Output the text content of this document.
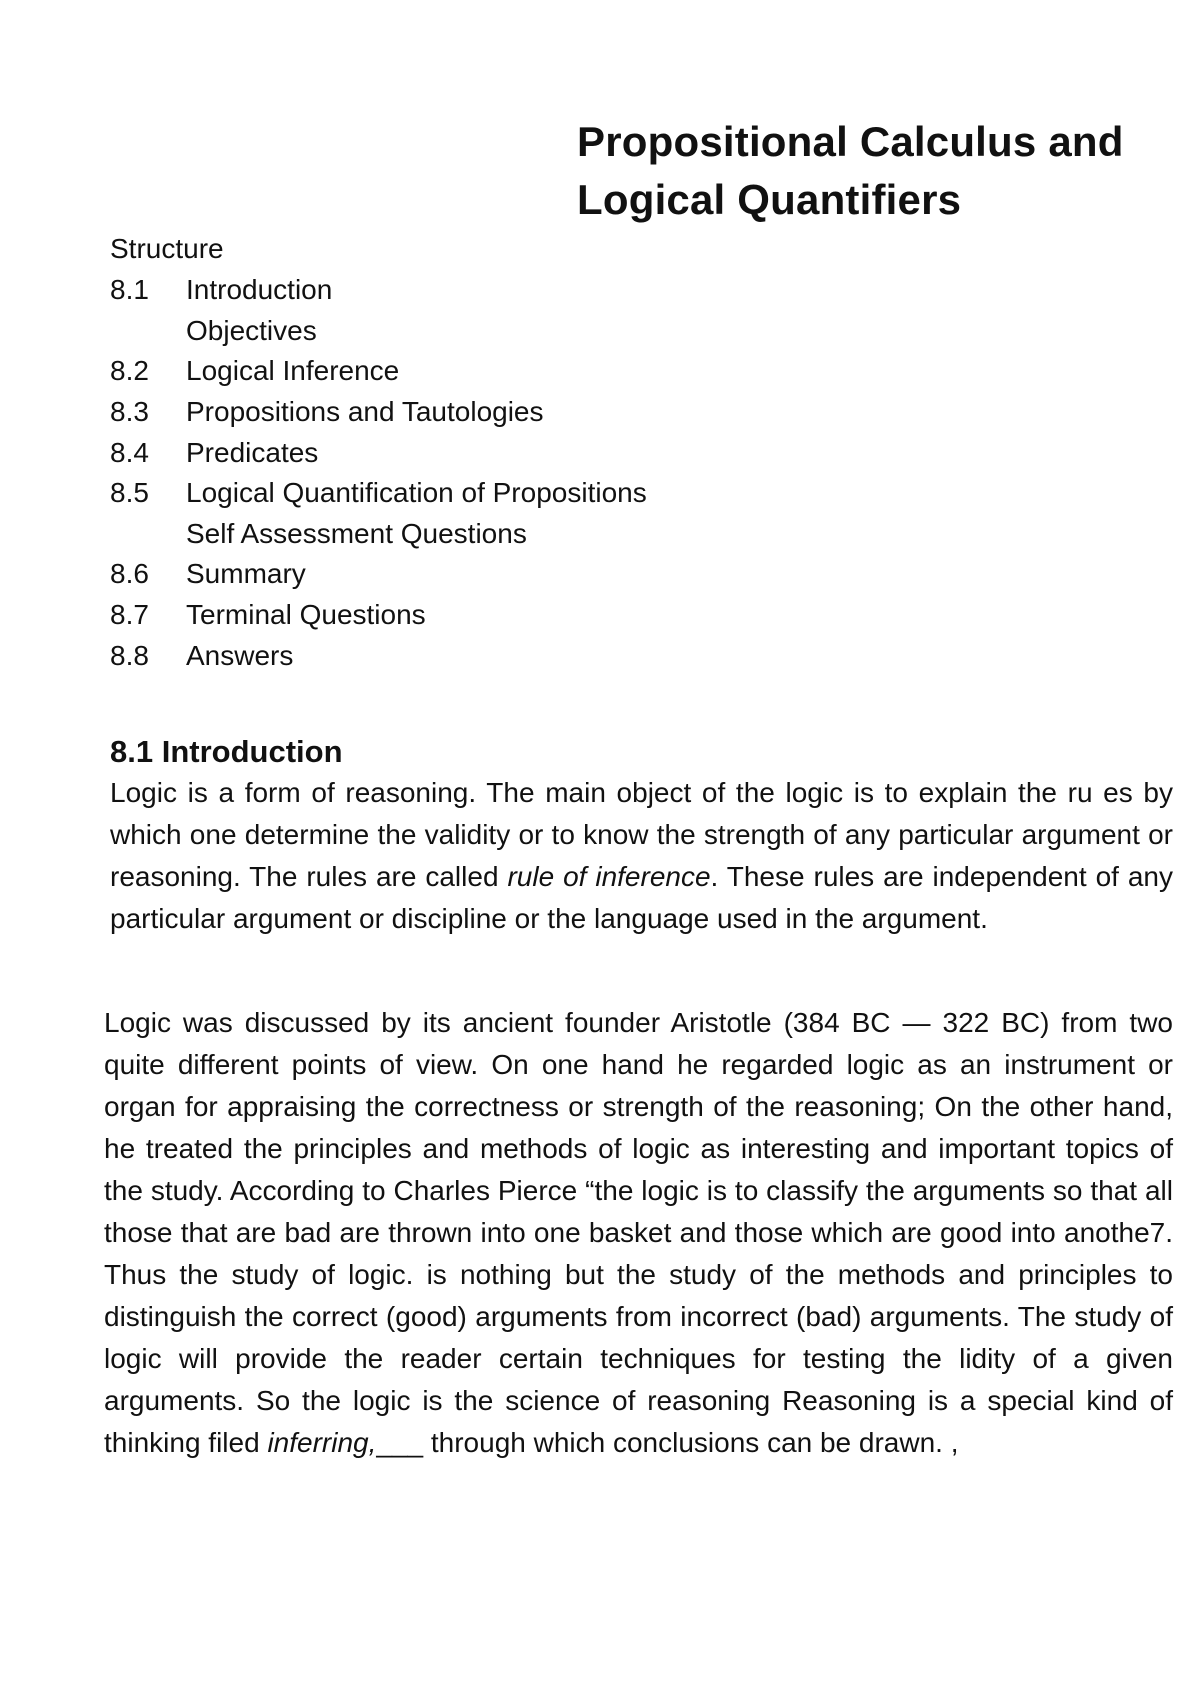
Propositional Calculus and

Logical Quantifiers

Structure

8.1	Introduction
Objectives
8.2	Logical Inference
8.3	Propositions and Tautologies
8.4	Predicates
8.5	Logical Quantification of Propositions
Self Assessment Questions
8.6	Summary
8.7	Terminal Questions
8.8	Answers

8.1 Introduction

Logic is a form of reasoning. The main object of the logic is to explain the ru es by which one determine the validity or to know the strength of any particular argument or reasoning. The rules are called rule of inference. These rules are independent of any particular argument or discipline or the language used in the argument.

Logic was discussed by its ancient founder Aristotle (384 BC — 322 BC) from two quite different points of view. On one hand he regarded logic as an instrument or organ for appraising the correctness or strength of the reasoning; On the other hand, he treated the principles and methods of logic as interesting and important topics of the study. According to Charles Pierce “the logic is to classify the arguments so that all those that are bad are thrown into one basket and those which are good into anothe7. Thus the study of logic. is nothing but the study of the methods and principles to distinguish the correct (good) arguments from incorrect (bad) arguments. The study of logic will provide the reader certain techniques for testing the lidity of a given arguments. So the logic is the science of reasoning Reasoning is a special kind of thinking filed inferring,___ through which conclusions can be drawn. ,
